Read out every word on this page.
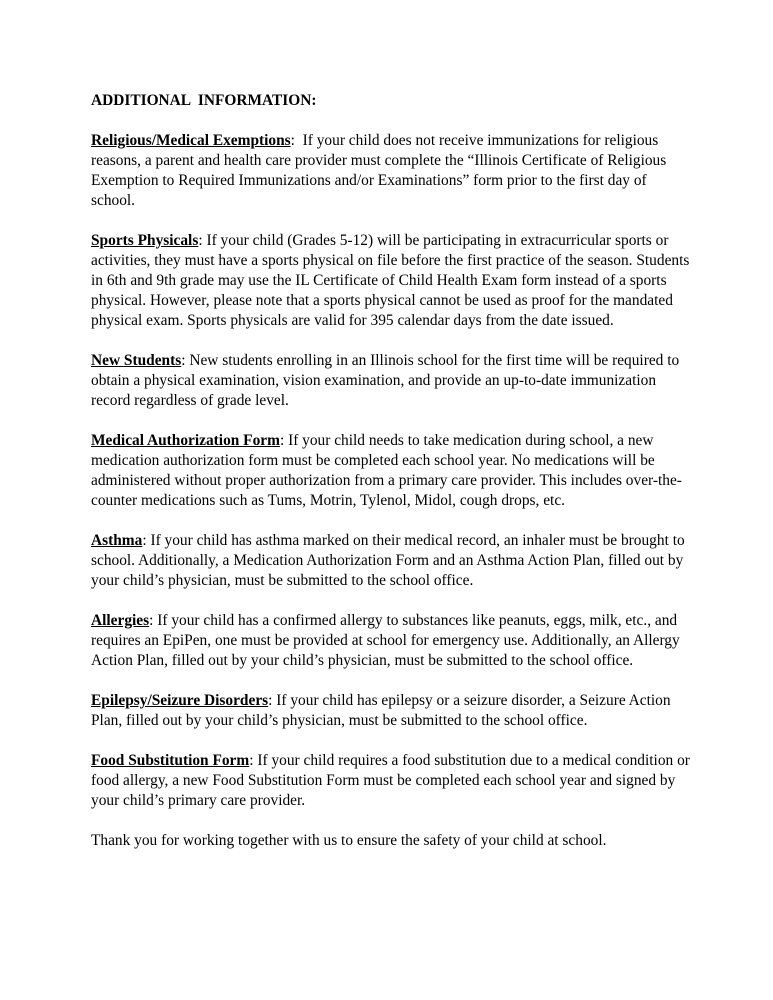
ADDITIONAL  INFORMATION:
Religious/Medical Exemptions:  If your child does not receive immunizations for religious reasons, a parent and health care provider must complete the “Illinois Certificate of Religious Exemption to Required Immunizations and/or Examinations” form prior to the first day of school.
Sports Physicals: If your child (Grades 5-12) will be participating in extracurricular sports or activities, they must have a sports physical on file before the first practice of the season. Students in 6th and 9th grade may use the IL Certificate of Child Health Exam form instead of a sports physical. However, please note that a sports physical cannot be used as proof for the mandated physical exam. Sports physicals are valid for 395 calendar days from the date issued.
New Students: New students enrolling in an Illinois school for the first time will be required to obtain a physical examination, vision examination, and provide an up-to-date immunization record regardless of grade level.
Medical Authorization Form: If your child needs to take medication during school, a new medication authorization form must be completed each school year. No medications will be administered without proper authorization from a primary care provider. This includes over-the-counter medications such as Tums, Motrin, Tylenol, Midol, cough drops, etc.
Asthma: If your child has asthma marked on their medical record, an inhaler must be brought to school. Additionally, a Medication Authorization Form and an Asthma Action Plan, filled out by your child’s physician, must be submitted to the school office.
Allergies: If your child has a confirmed allergy to substances like peanuts, eggs, milk, etc., and requires an EpiPen, one must be provided at school for emergency use. Additionally, an Allergy Action Plan, filled out by your child’s physician, must be submitted to the school office.
Epilepsy/Seizure Disorders: If your child has epilepsy or a seizure disorder, a Seizure Action Plan, filled out by your child’s physician, must be submitted to the school office.
Food Substitution Form: If your child requires a food substitution due to a medical condition or food allergy, a new Food Substitution Form must be completed each school year and signed by your child’s primary care provider.

Thank you for working together with us to ensure the safety of your child at school.
